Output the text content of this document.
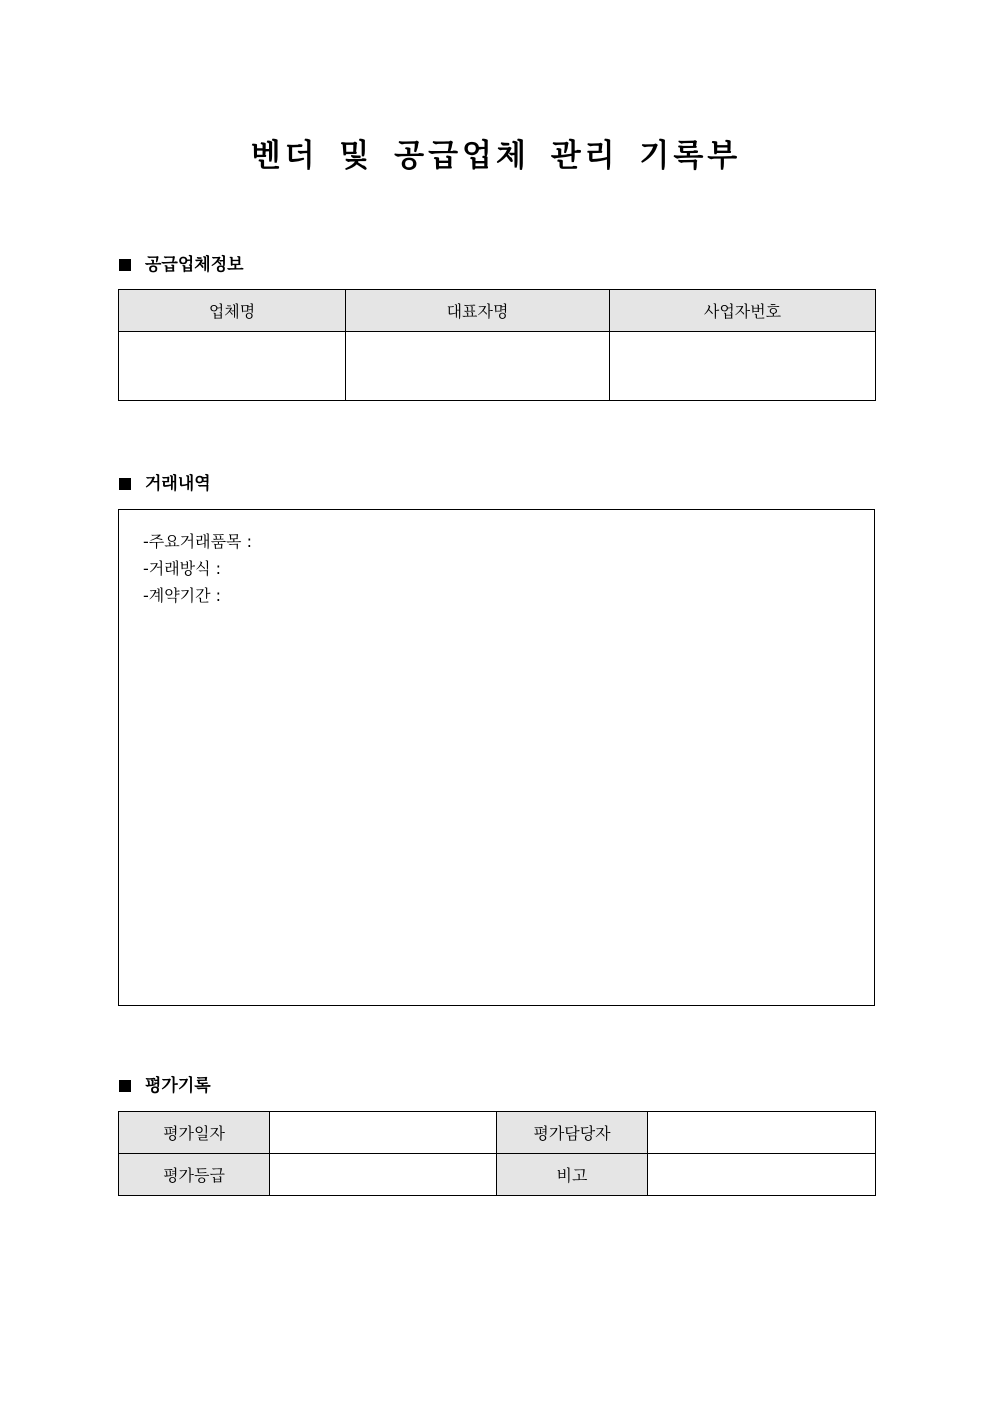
벤더 및 공급업체 관리 기록부
공급업체정보
업체명	대표자명	사업자번호

거래내역
-주요거래품목 :
-거래방식 :
-계약기간 :
평가기록
평가일자		평가담당자	
평가등급		비고	
